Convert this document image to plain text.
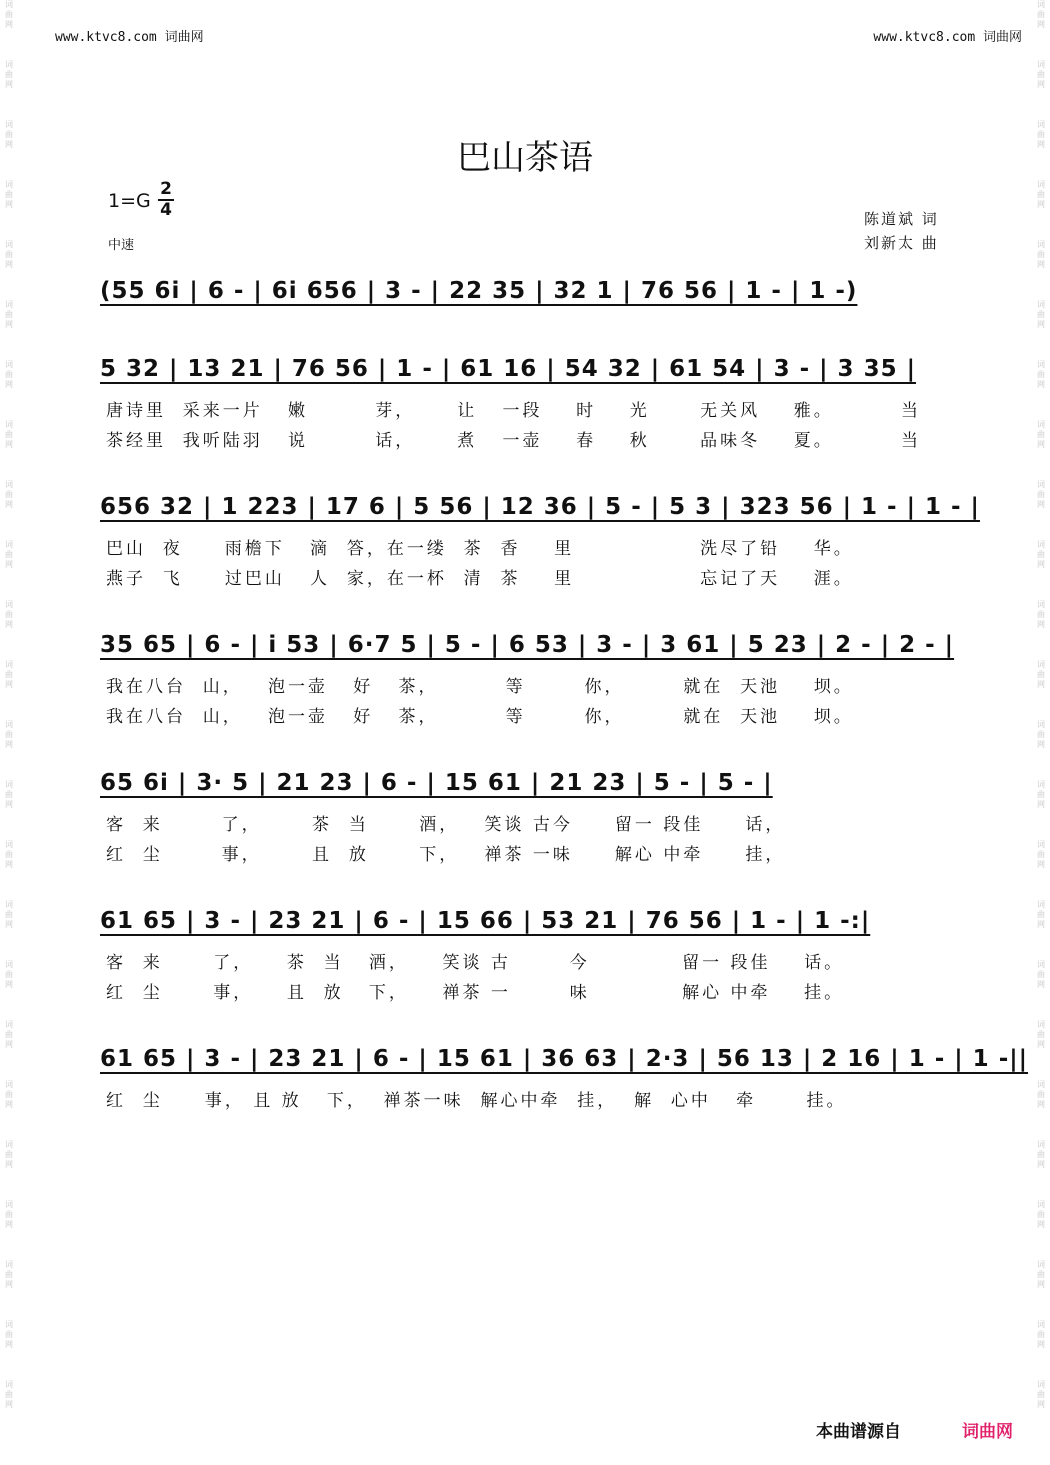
词曲网
词曲网
词曲网
词曲网
词曲网
词曲网
词曲网
词曲网
词曲网
词曲网
词曲网
词曲网
词曲网
词曲网
词曲网
词曲网
词曲网
词曲网
词曲网
词曲网
词曲网
词曲网
词曲网
词曲网
词曲网
词曲网
词曲网
词曲网
词曲网
词曲网
词曲网
词曲网
词曲网
词曲网
词曲网
词曲网
词曲网
词曲网
词曲网
词曲网
词曲网
词曲网
词曲网
词曲网
词曲网
词曲网
词曲网
词曲网
www.ktvc8.com 词曲网	www.ktvc8.com 词曲网
巴山茶语
1=G
2
4
中速
陈道斌 词
刘新太 曲
(55 6i | 6 - | 6i 656 | 3 - | 22 35 | 32 1 | 76 56 | 1 - | 1 -)
5 32 | 13 21 | 76 56 | 1 - | 61 16 | 54 32 | 61 54 | 3 - | 3 35 |
唐诗里  采来一片   嫩        芽，     让   一段    时    光      无关风    雅。        当
茶经里  我听陆羽   说        话，     煮   一壶    春    秋      品味冬    夏。        当
656 32 | 1 223 | 17 6 | 5 56 | 12 36 | 5 - | 5 3 | 323 56 | 1 - | 1 - |
巴山  夜     雨檐下   滴  答，在一缕  茶  香    里               洗尽了铅    华。
燕子  飞     过巴山   人  家，在一杯  清  茶    里               忘记了天    涯。
35 65 | 6 - | i 53 | 6·7 5 | 5 - | 6 53 | 3 - | 3 61 | 5 23 | 2 - | 2 - |
我在八台  山，   泡一壶   好   茶，        等       你，       就在  天池    坝。
我在八台  山，   泡一壶   好   茶，        等       你，       就在  天池    坝。
65 6i | 3· 5 | 21 23 | 6 - | 15 61 | 21 23 | 5 - | 5 - |
客  来       了，      茶  当      酒，   笑谈 古今     留一 段佳     话，
红  尘       事，      且  放      下，   禅茶 一味     解心 中牵     挂，
61 65 | 3 - | 23 21 | 6 - | 15 66 | 53 21 | 76 56 | 1 - | 1 -:|
客  来      了，    茶  当   酒，    笑谈 古       今           留一 段佳    话。
红  尘      事，    且  放   下，    禅茶 一       味           解心 中牵    挂。
61 65 | 3 - | 23 21 | 6 - | 15 61 | 36 63 | 2·3 | 56 13 | 2 16 | 1 - | 1 -||
红  尘     事， 且 放   下，  禅茶一味  解心中牵  挂，  解  心中   牵      挂。
本曲谱源自	词曲网
